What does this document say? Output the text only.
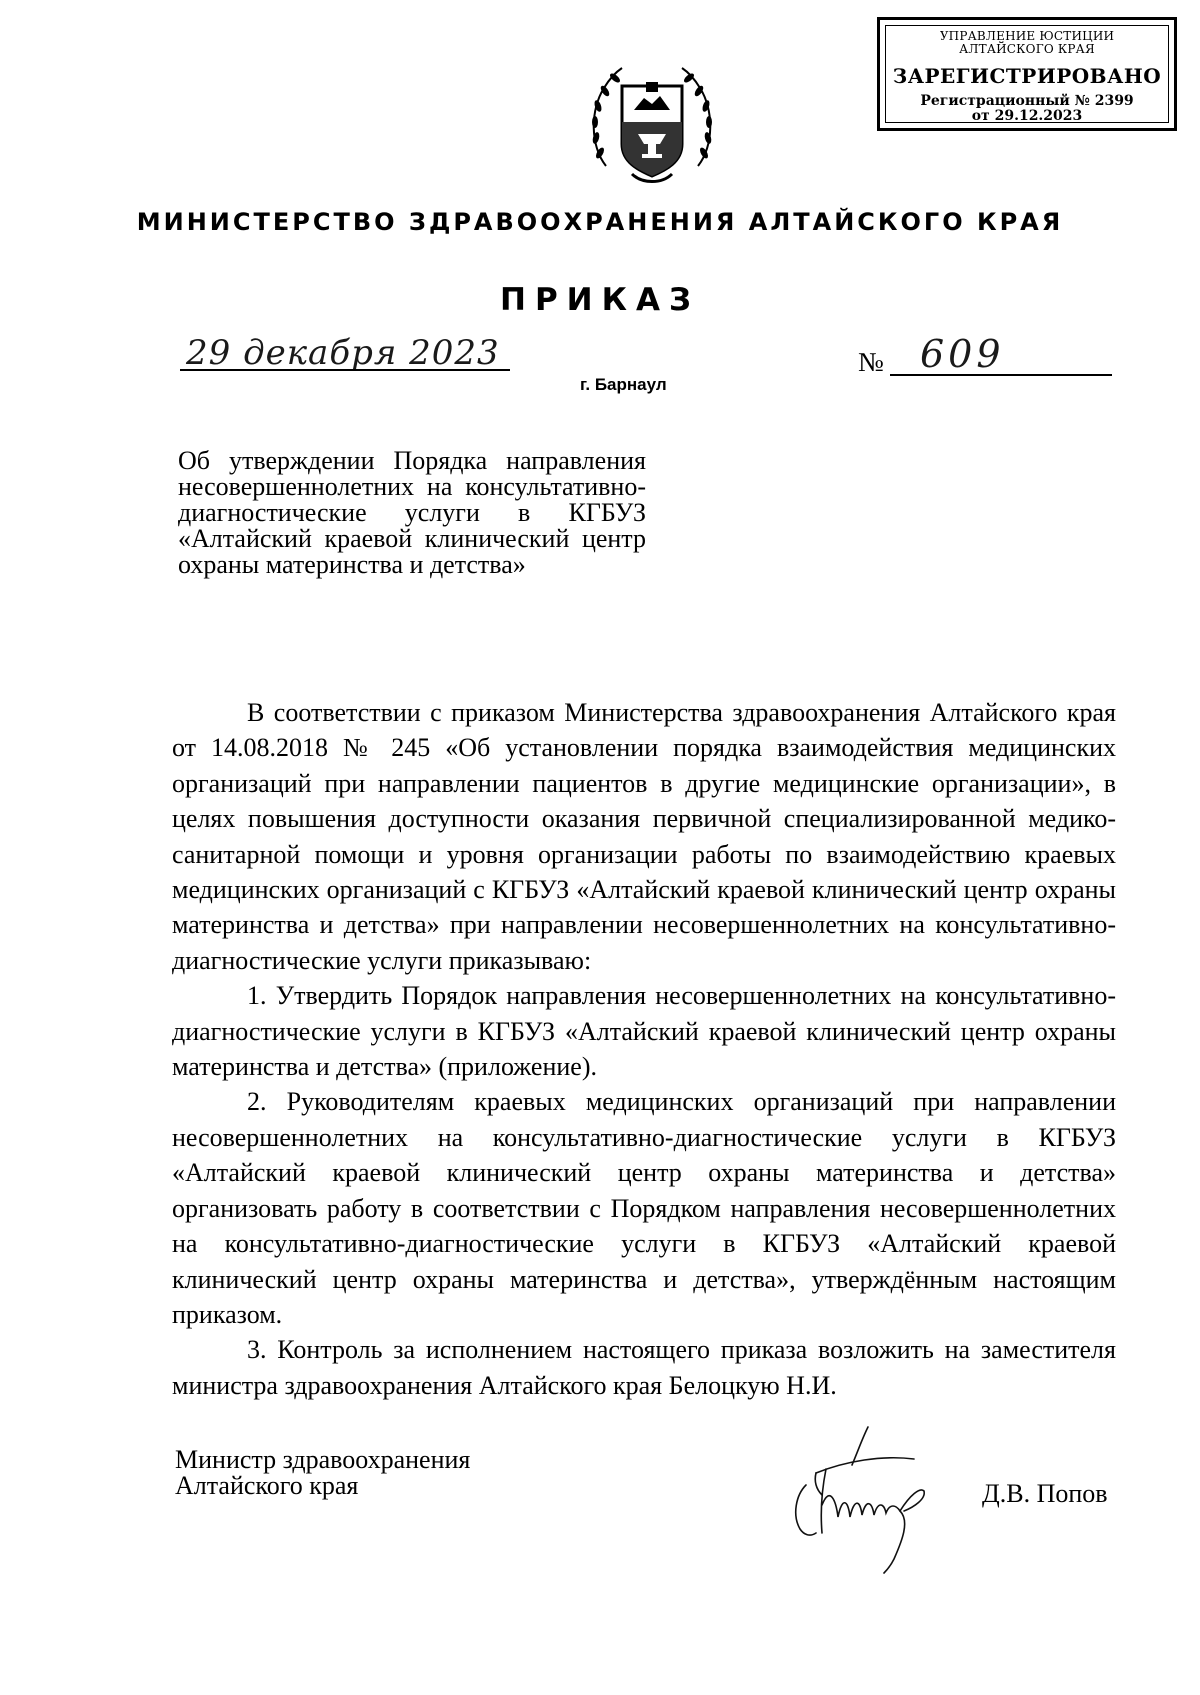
УПРАВЛЕНИЕ ЮСТИЦИИ
АЛТАЙСКОГО КРАЯ
ЗАРЕГИСТРИРОВАНО
Регистрационный № 2399
от 29.12.2023
МИНИСТЕРСТВО ЗДРАВООХРАНЕНИЯ АЛТАЙСКОГО КРАЯ
ПРИКАЗ
29 декабря 2023	№ 609
г. Барнаул
Об утверждении Порядка направления несовершеннолетних на консультативно-диагностические услуги в КГБУЗ «Алтайский краевой клинический центр охраны материнства и детства»

В соответствии с приказом Министерства здравоохранения Алтайского края от 14.08.2018 № 245 «Об установлении порядка взаимодействия медицинских организаций при направлении пациентов в другие медицинские организации», в целях повышения доступности оказания первичной специализированной медико-санитарной помощи и уровня организации работы по взаимодействию краевых медицинских организаций с КГБУЗ «Алтайский краевой клинический центр охраны материнства и детства» при направлении несовершеннолетних на консультативно-диагностические услуги приказываю:

1. Утвердить Порядок направления несовершеннолетних на консультативно-диагностические услуги в КГБУЗ «Алтайский краевой клинический центр охраны материнства и детства» (приложение).

2. Руководителям краевых медицинских организаций при направлении несовершеннолетних на консультативно-диагностические услуги в КГБУЗ «Алтайский краевой клинический центр охраны материнства и детства» организовать работу в соответствии с Порядком направления несовершеннолетних на консультативно-диагностические услуги в КГБУЗ «Алтайский краевой клинический центр охраны материнства и детства», утверждённым настоящим приказом.

3. Контроль за исполнением настоящего приказа возложить на заместителя министра здравоохранения Алтайского края Белоцкую Н.И.

Министр здравоохранения
Алтайского края	Д.В. Попов
